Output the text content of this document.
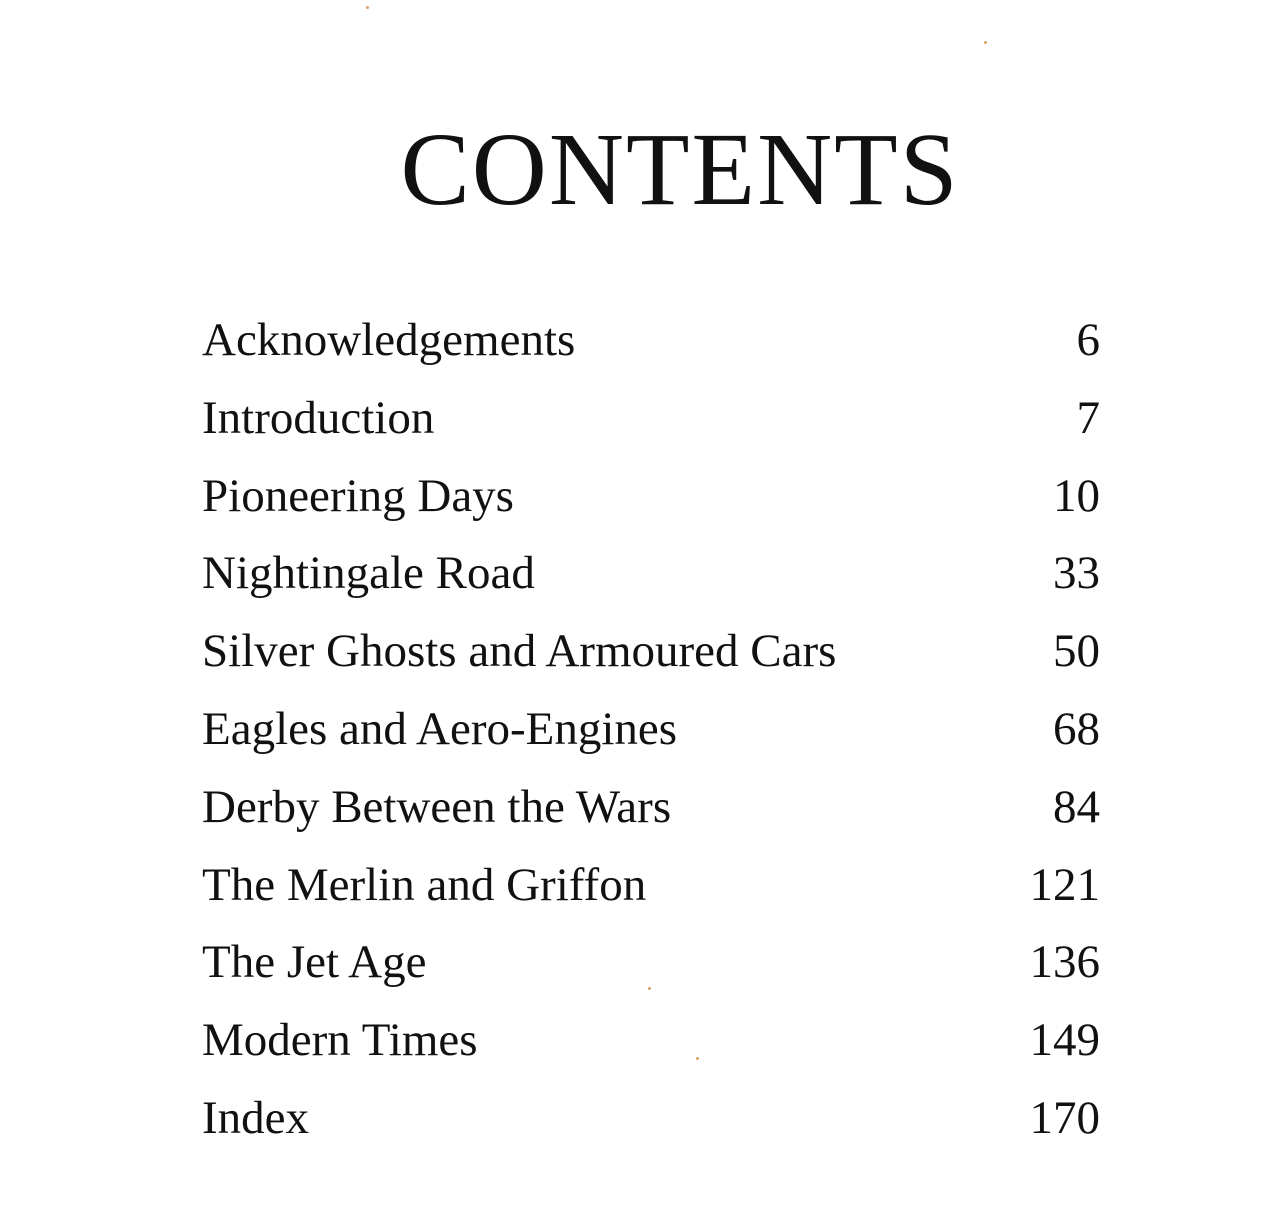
CONTENTS
Acknowledgements	6
Introduction	7
Pioneering Days	10
Nightingale Road	33
Silver Ghosts and Armoured Cars	50
Eagles and Aero-Engines	68
Derby Between the Wars	84
The Merlin and Griffon	121
The Jet Age	136
Modern Times	149
Index	170
